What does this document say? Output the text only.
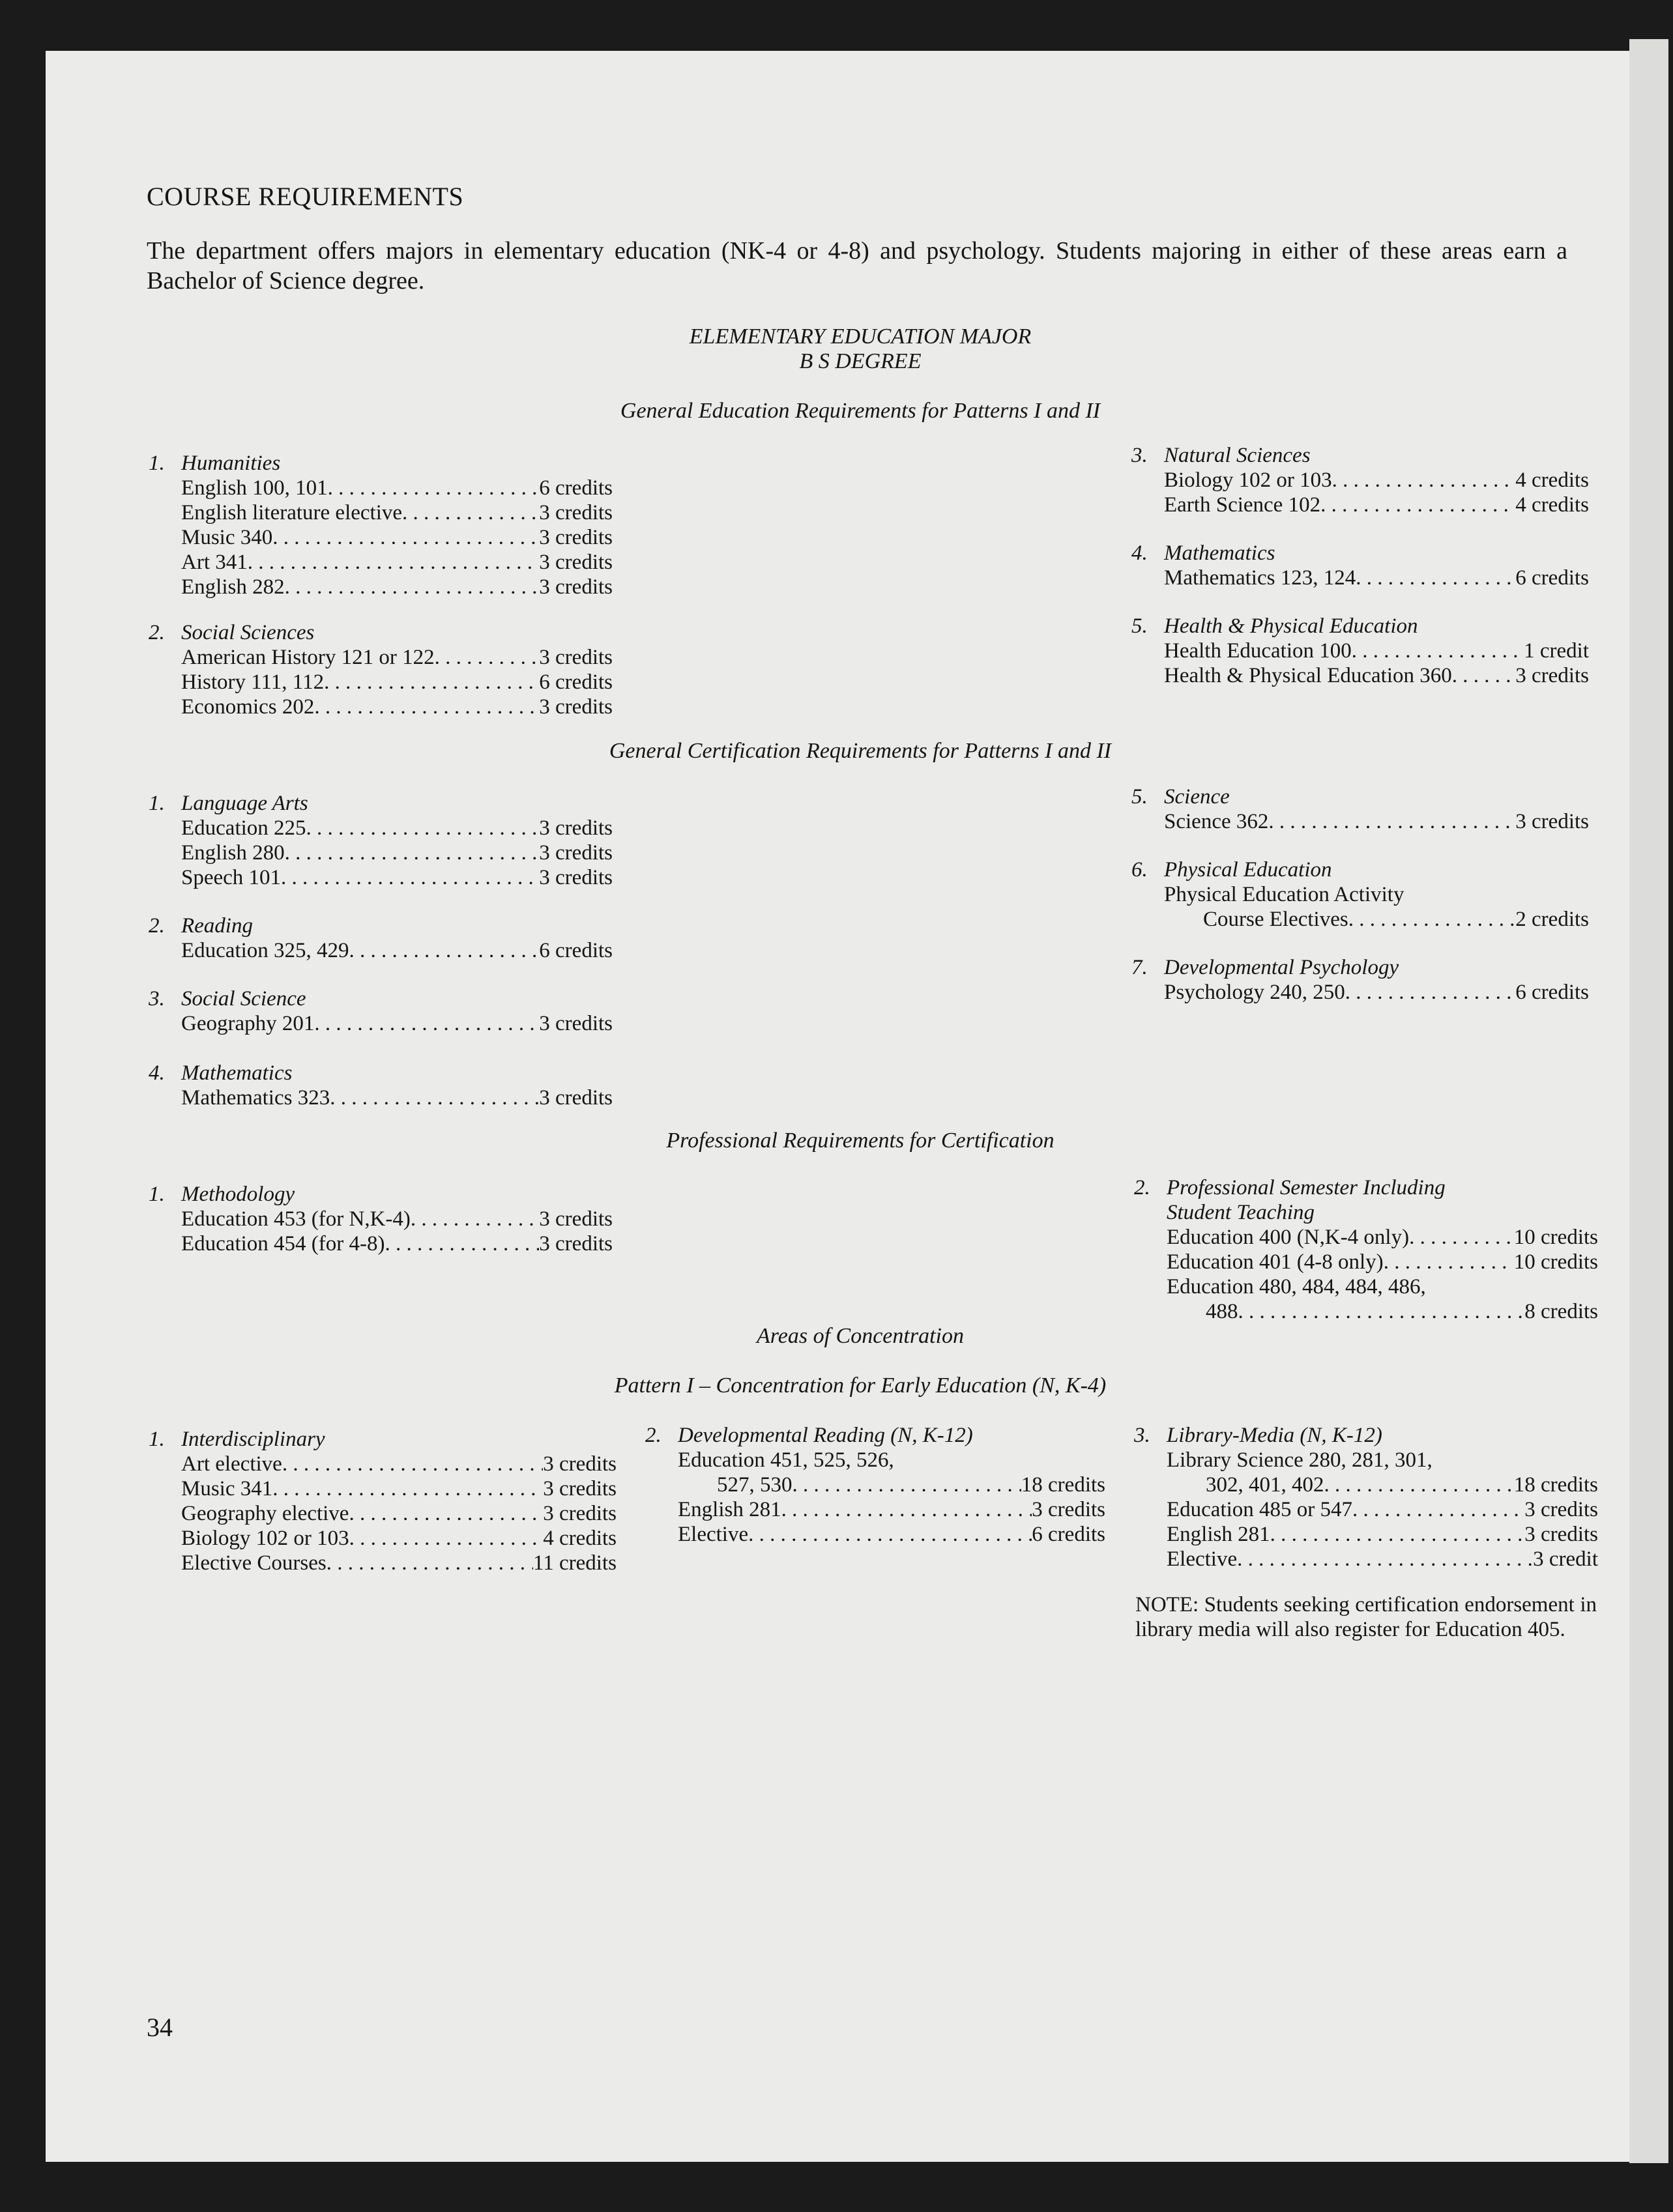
COURSE REQUIREMENTS
The department offers majors in elementary education (NK-4 or 4-8) and psychology. Students majoring in either of these areas earn a Bachelor of Science degree.
ELEMENTARY EDUCATION MAJOR
B S DEGREE
General Education Requirements for Patterns I and II
1. Humanities
English 100, 101 . . .	6 credits
English literature elective . . .	3 credits
Music 340 . . .	3 credits
Art 341 . . .	3 credits
English 282 . . .	3 credits
2. Social Sciences
American History 121 or 122 . . .	3 credits
History 111, 112 . . .	6 credits
Economics 202 . . .	3 credits
3. Natural Sciences
Biology 102 or 103 . . .	4 credits
Earth Science 102 . . .	4 credits
4. Mathematics
Mathematics 123, 124 . . .	6 credits
5. Health & Physical Education
Health Education 100 . . .	1 credit
Health & Physical Education 360 . . .	3 credits
General Certification Requirements for Patterns I and II
1. Language Arts
Education 225 . . .	3 credits
English 280 . . .	3 credits
Speech 101 . . .	3 credits
2. Reading
Education 325, 429 . . .	6 credits
3. Social Science
Geography 201 . . .	3 credits
4. Mathematics
Mathematics 323 . . .	3 credits
5. Science
Science 362 . . .	3 credits
6. Physical Education
Physical Education Activity
Course Electives . . .	2 credits
7. Developmental Psychology
Psychology 240, 250 . . .	6 credits
Professional Requirements for Certification
1. Methodology
Education 453 (for N,K-4) . . .	3 credits
Education 454 (for 4-8) . . .	3 credits
2. Professional Semester Including
Student Teaching
Education 400 (N,K-4 only) . . .	10 credits
Education 401 (4-8 only) . . .	10 credits
Education 480, 484, 484, 486,
488 . . .	8 credits
Areas of Concentration
Pattern I – Concentration for Early Education (N, K-4)
1. Interdisciplinary
Art elective . . .	3 credits
Music 341 . . .	3 credits
Geography elective . . .	3 credits
Biology 102 or 103 . . .	4 credits
Elective Courses . . .	11 credits
2. Developmental Reading (N, K-12)
Education 451, 525, 526,
527, 530 . . .	18 credits
English 281 . . .	3 credits
Elective . . .	6 credits
3. Library-Media (N, K-12)
Library Science 280, 281, 301,
302, 401, 402 . . .	18 credits
Education 485 or 547 . . .	3 credits
English 281 . . .	3 credits
Elective . . .	3 credit
NOTE: Students seeking certification endorsement in library media will also register for Education 405.
34
